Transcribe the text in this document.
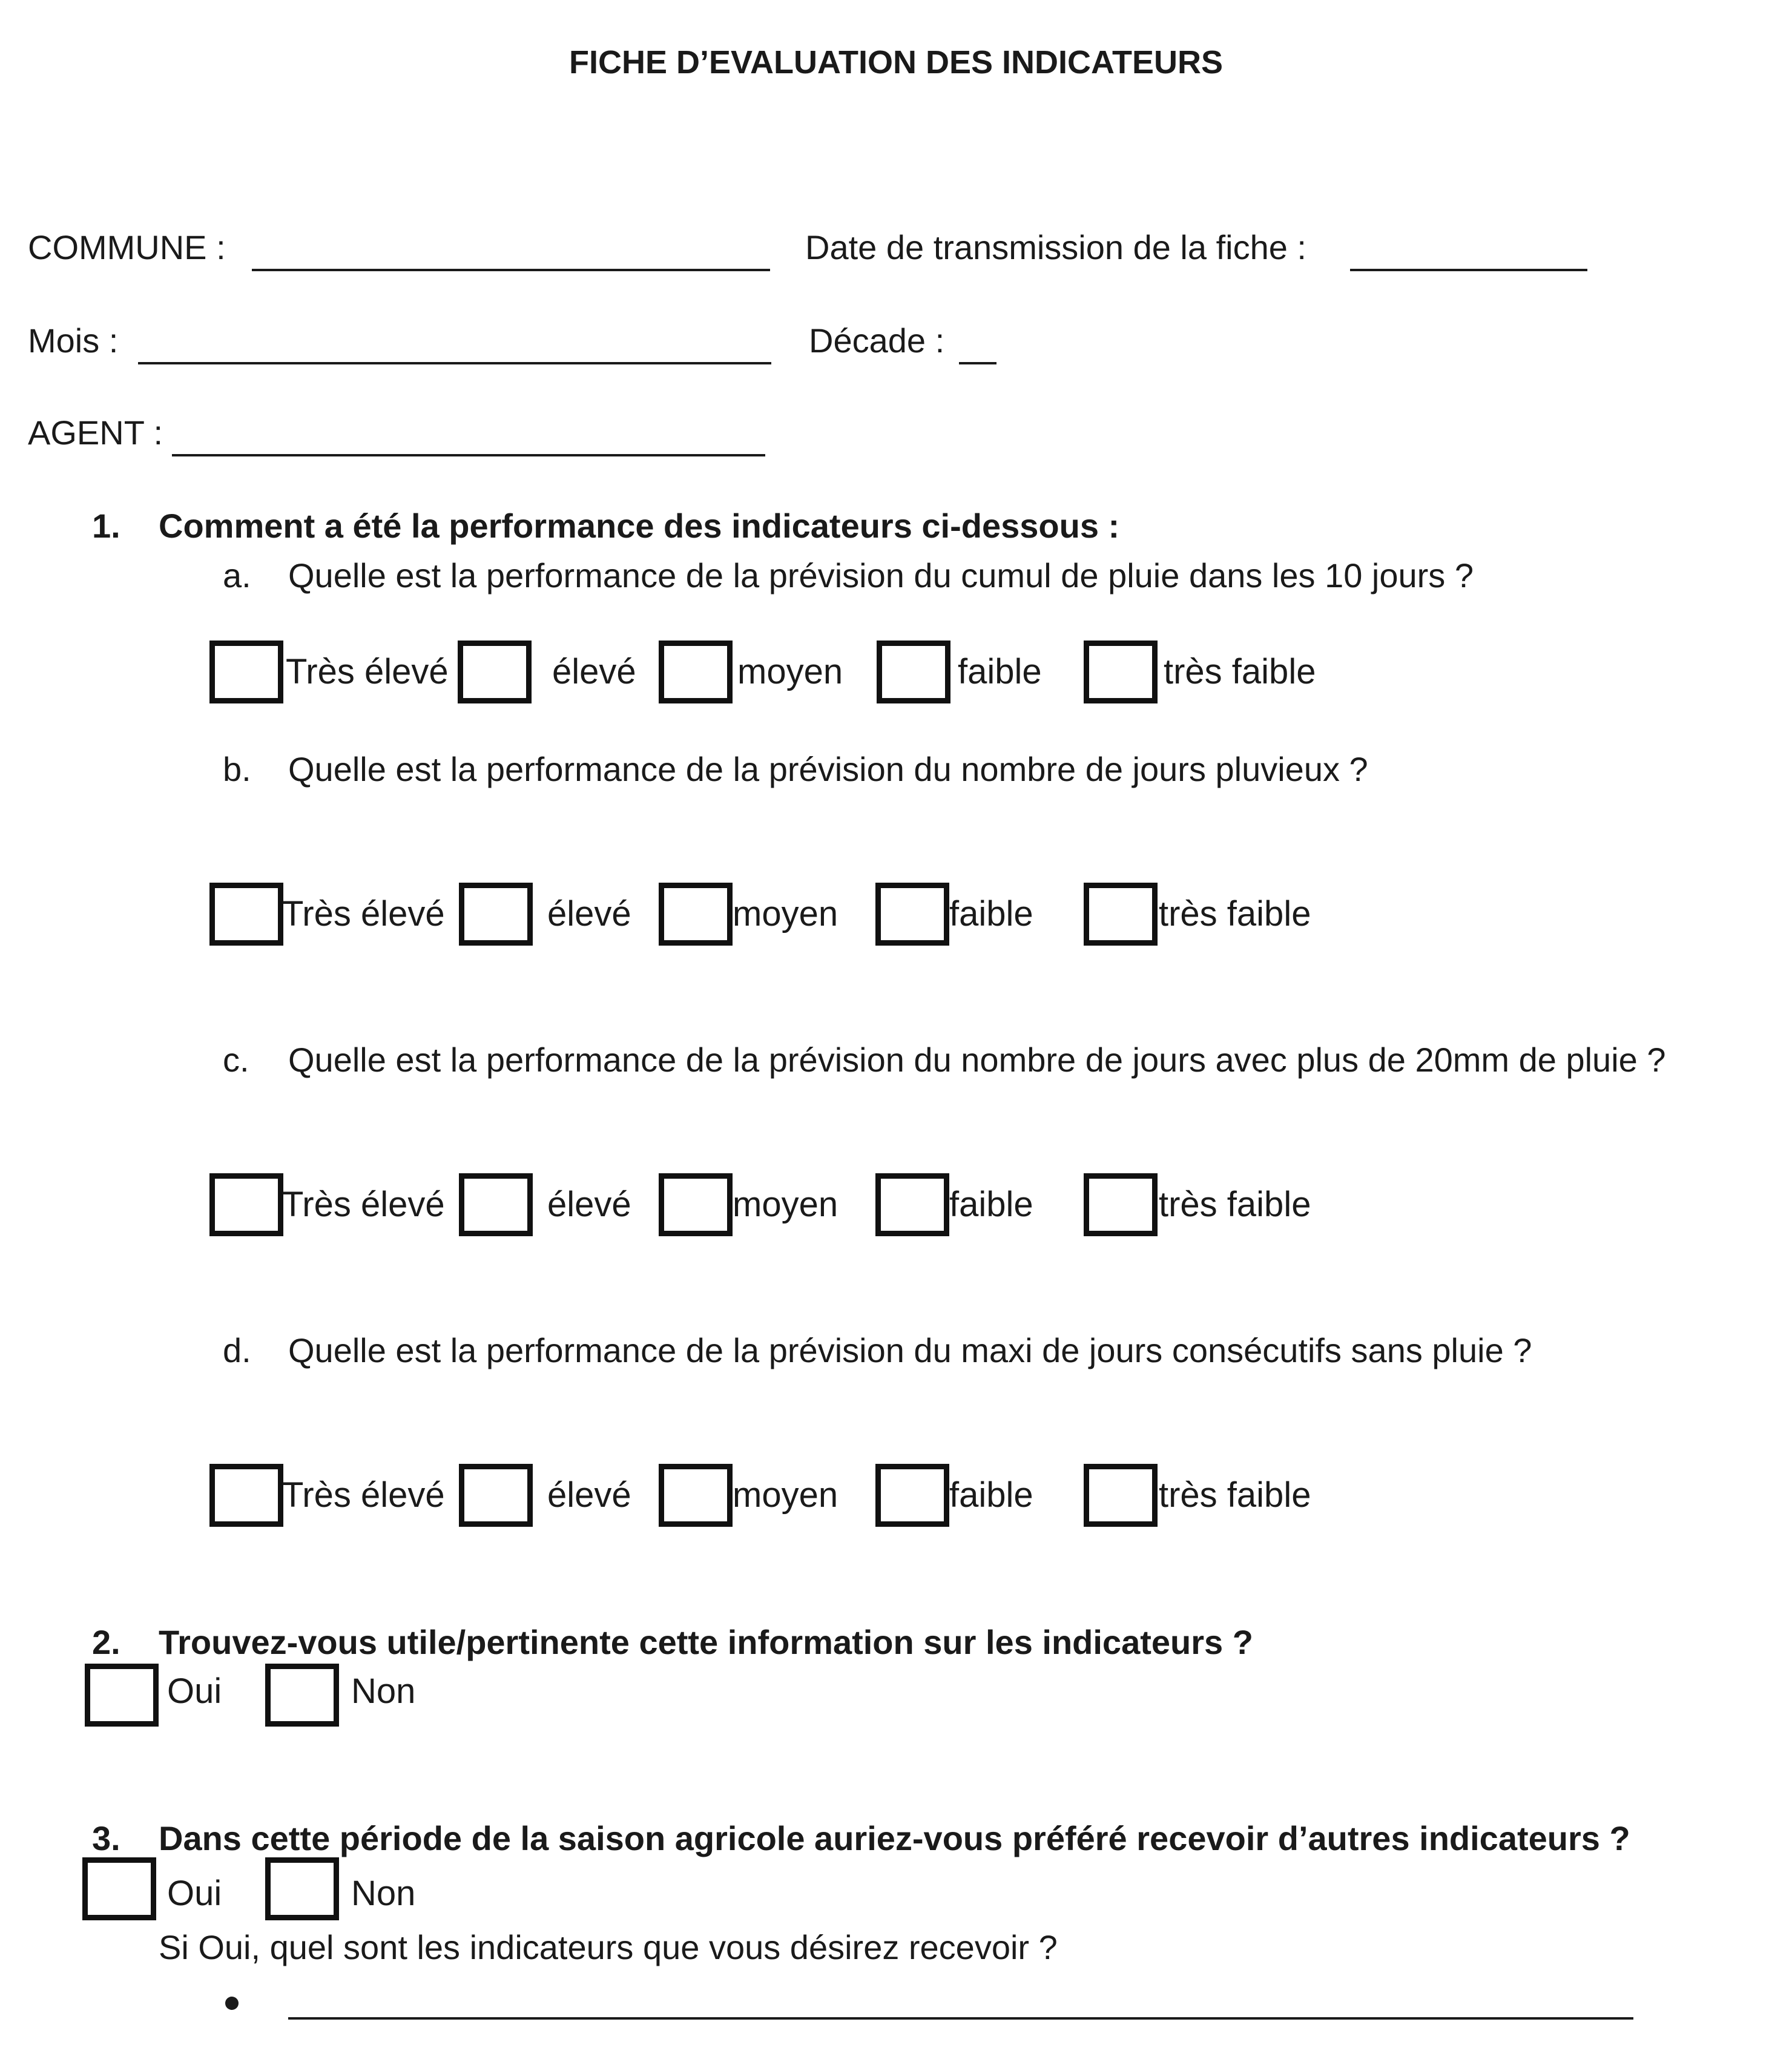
FICHE D’EVALUATION DES INDICATEURS
COMMUNE :	Date de transmission de la fiche :
Mois :	Décade :
AGENT :
1. Comment a été la performance des indicateurs ci-dessous :
a. Quelle est la performance de la prévision du cumul de pluie dans les 10 jours ?
Très élevé	élevé	moyen	faible	très faible
b. Quelle est la performance de la prévision du nombre de jours pluvieux ?
Très élevé	élevé	moyen	faible	très faible
c. Quelle est la performance de la prévision du nombre de jours avec plus de 20mm de pluie ?
Très élevé	élevé	moyen	faible	très faible
d. Quelle est la performance de la prévision du maxi de jours consécutifs sans pluie ?
Très élevé	élevé	moyen	faible	très faible
2. Trouvez-vous utile/pertinente cette information sur les indicateurs ?
Oui	Non
3. Dans cette période de la saison agricole auriez-vous préféré recevoir d’autres indicateurs ?
Oui	Non
Si Oui, quel sont les indicateurs que vous désirez recevoir ?
